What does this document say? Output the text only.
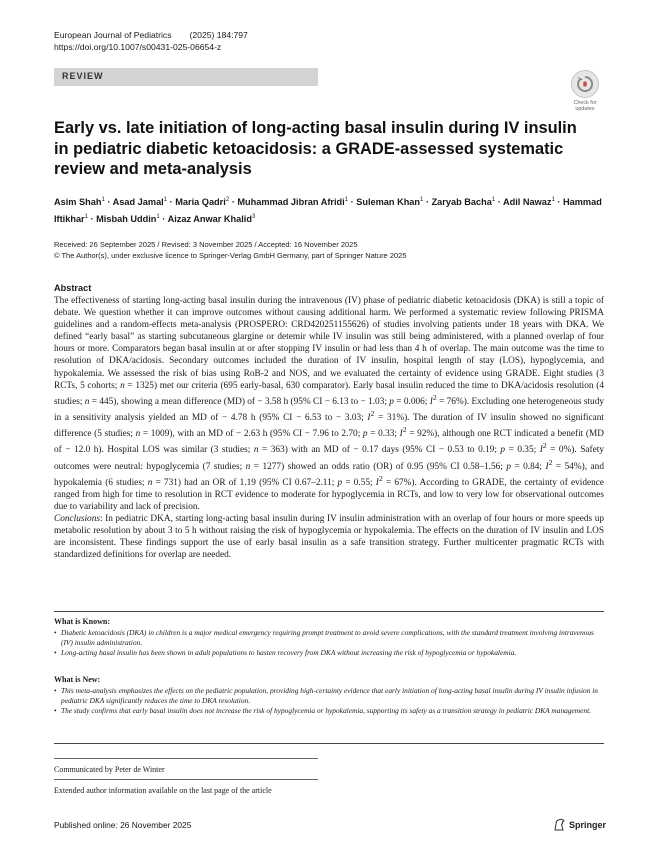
European Journal of Pediatrics (2025) 184:797
https://doi.org/10.1007/s00431-025-06654-z
REVIEW
Check for
updates
Early vs. late initiation of long-acting basal insulin during IV insulin in pediatric diabetic ketoacidosis: a GRADE-assessed systematic review and meta-analysis
Asim Shah$^1$ · Asad Jamal$^1$ · Maria Qadri$^2$ · Muhammad Jibran Afridi$^1$ · Suleman Khan$^1$ · Zaryab Bacha$^1$ · Adil Nawaz$^1$ · Hammad Iftikhar$^1$ · Misbah Uddin$^1$ · Aizaz Anwar Khalid$^3$
Received: 26 September 2025 / Revised: 3 November 2025 / Accepted: 16 November 2025
© The Author(s), under exclusive licence to Springer-Verlag GmbH Germany, part of Springer Nature 2025
Abstract

The effectiveness of starting long-acting basal insulin during the intravenous (IV) phase of pediatric diabetic ketoacidosis (DKA) is still a topic of debate. We question whether it can improve outcomes without causing additional harm. We performed a systematic review following PRISMA guidelines and a random-effects meta-analysis (PROSPERO: CRD420251155626) of studies involving patients under 18 years with DKA. We defined “early basal” as starting subcutaneous glargine or detemir while IV insulin was still being administered, with a planned overlap of four hours or more. Comparators began basal insulin at or after stopping IV insulin or had less than 4 h of overlap. The main outcome was the time to resolution of DKA/acidosis. Secondary outcomes included the duration of IV insulin, hospital length of stay (LOS), hypoglycemia, and hypokalemia. We assessed the risk of bias using RoB-2 and NOS, and we evaluated the certainty of evidence using GRADE. Eight studies (3 RCTs, 5 cohorts; n = 1325) met our criteria (695 early-basal, 630 comparator). Early basal insulin reduced the time to DKA/acidosis resolution (4 studies; n = 445), showing a mean difference (MD) of − 3.58 h (95% CI − 6.13 to − 1.03; p = 0.006; $I^2 = 76\%$). Excluding one heterogeneous study in a sensitivity analysis yielded an MD of − 4.78 h (95% CI − 6.53 to − 3.03; $I^2 = 31\%$). The duration of IV insulin showed no significant difference (5 studies; n = 1009), with an MD of − 2.63 h (95% CI − 7.96 to 2.70; p = 0.33; $I^2 = 92\%$), although one RCT indicated a benefit (MD of − 12.0 h). Hospital LOS was similar (3 studies; n = 363) with an MD of − 0.17 days (95% CI − 0.53 to 0.19; p = 0.35; $I^2 = 0\%$). Safety outcomes were neutral: hypoglycemia (7 studies; n = 1277) showed an odds ratio (OR) of 0.95 (95% CI 0.58–1.56; p = 0.84; $I^2 = 54\%$), and hypokalemia (6 studies; n = 731) had an OR of 1.19 (95% CI 0.67–2.11; p = 0.55; $I^2 = 67\%$). According to GRADE, the certainty of evidence ranged from high for time to resolution in RCT evidence to moderate for hypoglycemia in RCTs, and low to very low for observational outcomes due to variability and lack of precision.

Conclusions: In pediatric DKA, starting long-acting basal insulin during IV insulin administration with an overlap of four hours or more speeds up metabolic resolution by about 3 to 5 h without raising the risk of hypoglycemia or hypokalemia. The effects on the duration of IV insulin and LOS are inconsistent. These findings support the use of early basal insulin as a safe transition strategy. Further multicenter pragmatic RCTs with standardized definitions for overlap are needed.

What is Known:
• Diabetic ketoacidosis (DKA) in children is a major medical emergency requiring prompt treatment to avoid severe complications, with the standard treatment involving intravenous (IV) insulin administration.
• Long-acting basal insulin has been shown in adult populations to hasten recovery from DKA without increasing the risk of hypoglycemia or hypokalemia.
What is New:
• This meta-analysis emphasizes the effects on the pediatric population, providing high-certainty evidence that early initiation of long-acting basal insulin during IV insulin infusion in pediatric DKA significantly reduces the time to DKA resolution.
• The study confirms that early basal insulin does not increase the risk of hypoglycemia or hypokalemia, supporting its safety as a transition strategy in pediatric DKA management.
Communicated by Peter de Winter
Extended author information available on the last page of the article
Published online: 26 November 2025	Springer
